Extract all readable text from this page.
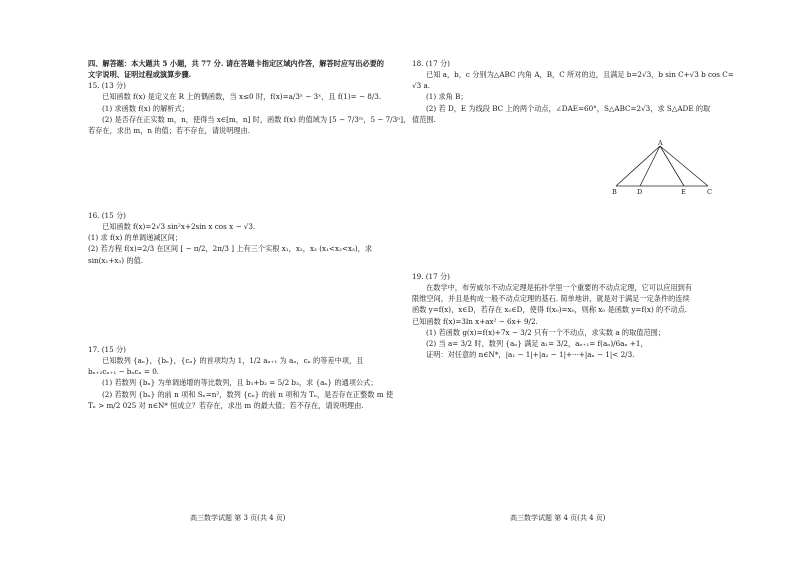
四、解答题：本大题共 5 小题，共 77 分. 请在答题卡指定区域内作答，解答时应写出必要的

文字说明、证明过程或演算步骤.

15. (13 分)

已知函数 f(x) 是定义在 R 上的偶函数，当 x≤0 时，f(x)=a/3ˣ − 3ˣ，且 f(1)= − 8/3.

(1) 求函数 f(x) 的解析式；

(2) 是否存在正实数 m，n，使得当 x∈[m，n] 时，函数 f(x) 的值域为 [5 − 7/3ᵐ，5 − 7/3ⁿ]，

若存在，求出 m，n 的值；若不存在，请说明理由.

16. (15 分)

已知函数 f(x)=2√3 sin²x+2sin x cos x − √3.

(1) 求 f(x) 的单调递减区间；

(2) 若方程 f(x)=2/3 在区间 [ − π/2，2π/3 ] 上有三个实根 x₁，x₂，x₃ (x₁<x₂<x₃)，求

sin(x₁+x₃) 的值.

17. (15 分)

已知数列 {aₙ}，{bₙ}，{cₙ} 的首项均为 1，1/2 aₙ₊₁ 为 aₙ，cₙ 的等差中项，且

bₙ₊₂cₙ₊₁ − bₙcₙ = 0.

(1) 若数列 {bₙ} 为单调递增的等比数列，且 b₁+b₂ = 5/2 b₃，求 {aₙ} 的通项公式；

(2) 若数列 {bₙ} 的前 n 项和 Sₙ=n²，数列 {cₙ} 的前 n 项和为 Tₙ，是否存在正整数 m 使

Tₙ > m/2 025 对 n∈N* 恒成立？若存在，求出 m 的最大值；若不存在，请说明理由.

高三数学试题 第 3 页(共 4 页)

18. (17 分)

已知 a，b，c 分别为△ABC 内角 A，B，C 所对的边，且满足 b=2√3，b sin C+√3 b cos C=

√3 a.

(1) 求角 B；

(2) 若 D，E 为线段 BC 上的两个动点，∠DAE=60°，S△ABC=2√3，求 S△ADE 的取

值范围.

A
B	D	E	C

19. (17 分)

在数学中，布劳威尔不动点定理是拓扑学里一个重要的不动点定理，它可以应用到有

限维空间，并且是构成一般不动点定理的基石. 简单地讲，就是对于满足一定条件的连续

函数 y=f(x)，x∈D，若存在 x₀∈D，使得 f(x₀)=x₀，则称 x₀ 是函数 y=f(x) 的不动点.

已知函数 f(x)=3ln x+ax² − 6x+ 9/2.

(1) 若函数 g(x)=f(x)+7x − 3/2 只有一个不动点，求实数 a 的取值范围；

(2) 当 a= 3/2 时，数列 {aₙ} 满足 a₁= 3/2，aₙ₊₁= f(aₙ)/6aₙ +1，

证明：对任意的 n∈N*，|a₁ − 1|+|a₂ − 1|+···+|aₙ − 1|< 2/3.

高三数学试题 第 4 页(共 4 页)
